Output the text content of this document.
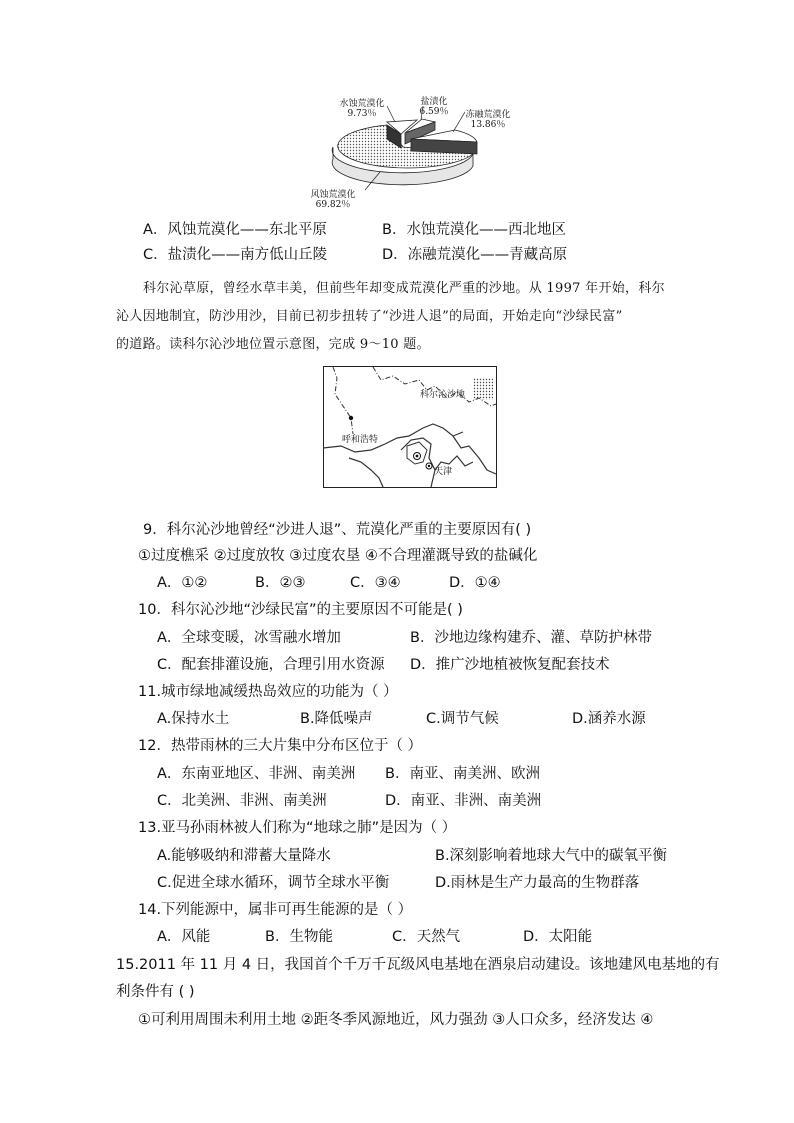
水蚀荒漠化
9.73％
盐渍化
6.59％	冻融荒漠化
13.86％
风蚀荒漠化
69.82％
A．风蚀荒漠化——东北平原	B．水蚀荒漠化——西北地区
C．盐渍化——南方低山丘陵	D．冻融荒漠化——青藏高原
科尔沁草原，曾经水草丰美，但前些年却变成荒漠化严重的沙地。从 1997 年开始，科尔
沁人因地制宜，防沙用沙，目前已初步扭转了“沙进人退”的局面，开始走向“沙绿民富”
的道路。读科尔沁沙地位置示意图，完成 9～10 题。
科尔沁沙地
呼和浩特
天津
9．科尔沁沙地曾经“沙进人退”、荒漠化严重的主要原因有( )
①过度樵采 ②过度放牧 ③过度农垦 ④不合理灌溉导致的盐碱化
A．①②	B．②③	C．③④	D．①④
10．科尔沁沙地“沙绿民富”的主要原因不可能是( )
A．全球变暖，冰雪融水增加	B．沙地边缘构建乔、灌、草防护林带
C．配套排灌设施，合理引用水资源 D．推广沙地植被恢复配套技术
11.城市绿地减缓热岛效应的功能为（ ）
A.保持水土	B.降低噪声	C.调节气候	D.涵养水源
12．热带雨林的三大片集中分布区位于（ ）
A．东南亚地区、非洲、南美洲 B．南亚、南美洲、欧洲
C．北美洲、非洲、南美洲	D．南亚、非洲、南美洲
13.亚马孙雨林被人们称为“地球之肺”是因为（ ）
A.能够吸纳和滞蓄大量降水	B.深刻影响着地球大气中的碳氧平衡
C.促进全球水循环，调节全球水平衡	D.雨林是生产力最高的生物群落
14.下列能源中，属非可再生能源的是（ ）
A．风能	B．生物能	C．天然气	D．太阳能
15.2011 年 11 月 4 日，我国首个千万千瓦级风电基地在酒泉启动建设。该地建风电基地的有
利条件有 ( )
①可利用周围未利用土地 ②距冬季风源地近，风力强劲 ③人口众多，经济发达 ④
